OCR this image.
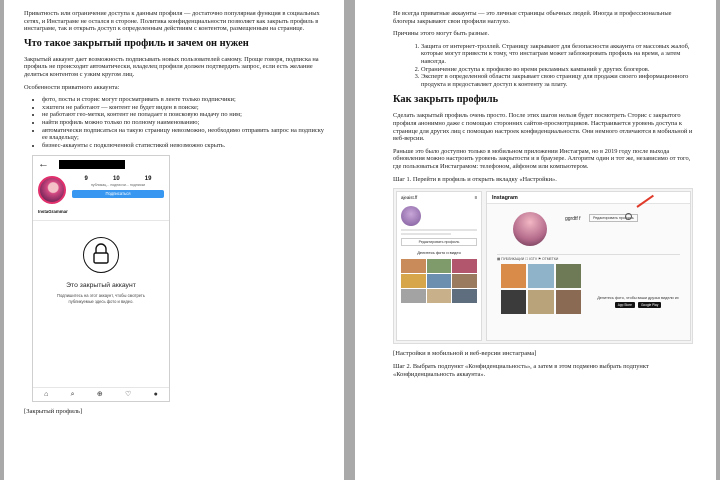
Приватность или ограничение доступа к данным профиля — достаточно популярная функция в социальных сетях, и Инстаграме не остался в стороне. Политика конфиденциальности позволяет как закрыть профиль в инстаграме, так и открыть доступ к определенным действиям с контентом, размещенным на странице.

Что такое закрытый профиль и зачем он нужен

Закрытый аккаунт дает возможность подписывать новых пользователей самому. Проще говоря, подписка на профиль не происходит автоматически, владелец профиля должен подтвердить запрос, если есть желание делиться контентом с узким кругом лиц.

Особенности приватного аккаунта:

• фото, посты и сторис могут просматривать в ленте только подписчики;
• хэштеги не работают — контент не будет виден в поиске;
• не работают гео-метки, контент не попадает в поисковую выдачу по ним;
• найти профиль можно только по полному наименованию;
• автоматически подписаться на такую страницу невозможно, необходимо отправить запрос на подписку ее владельцу;
• бизнес-аккаунты с подключенной статистикой невозможно скрыть.
←
9	10	19
публикац... подписчи... подписки
Подписаться
InstaGrammar
Это закрытый аккаунт
Подпишитесь на этот аккаунт, чтобы смотреть публикуемые здесь фото и видео.
⌂	⌕	⊕	♡	●

[Закрытый профиль]

Не всегда приватные аккаунты — это личные страницы обычных людей. Иногда и профессиональные блогеры закрывают свои профили наглухо.

Причины этого могут быть разные.

1. Защита от интернет-троллей. Страницу закрывают для безопасности аккаунта от массовых жалоб, которые могут привести к тому, что инстаграм может заблокировать профиль на время, а затем навсегда.
2. Ограничение доступа к профилю во время рекламных кампаний у других блогеров.
3. Эксперт в определенной области закрывает свою страницу для продажи своего информационного продукта и предоставляет доступ к контенту за плату.
Как закрыть профиль

Сделать закрытый профиль очень просто. После этих шагов нельзя будет посмотреть Сторис с закрытого профиля анонимно даже с помощью сторонних сайтов-просмотрщиков. Настраивается уровень доступа к странице для других лиц с помощью настроек конфиденциальности. Они немного отличаются в мобильной и веб-версии.

Раньше это было доступно только в мобильном приложении Инстаграм, но в 2019 году после выхода обновления можно настроить уровень закрытости и в браузере. Алгоритм один и тот же, независимо от того, где пользоваться Инстаграмом: телефоном, айфоном или компьютером.

Шаг 1. Перейти в профиль и открыть вкладку «Настройки».

ajeaist.ff	≡
Редактировать профиль
Делитесь фото и видео
Instagram
ggrdtf f	Редактировать профиль
▦ ПУБЛИКАЦИИ ☐ IGTV ⚑ ОТМЕТКИ
Делитесь фото, чтобы ваши друзья видели их
App Store	Google Play

[Настройки в мобильной и веб-версии инстаграма]

Шаг 2. Выбрать подпункт «Конфиденциальность», а затем в этом подменю выбрать подпункт «Конфиденциальность аккаунта».
